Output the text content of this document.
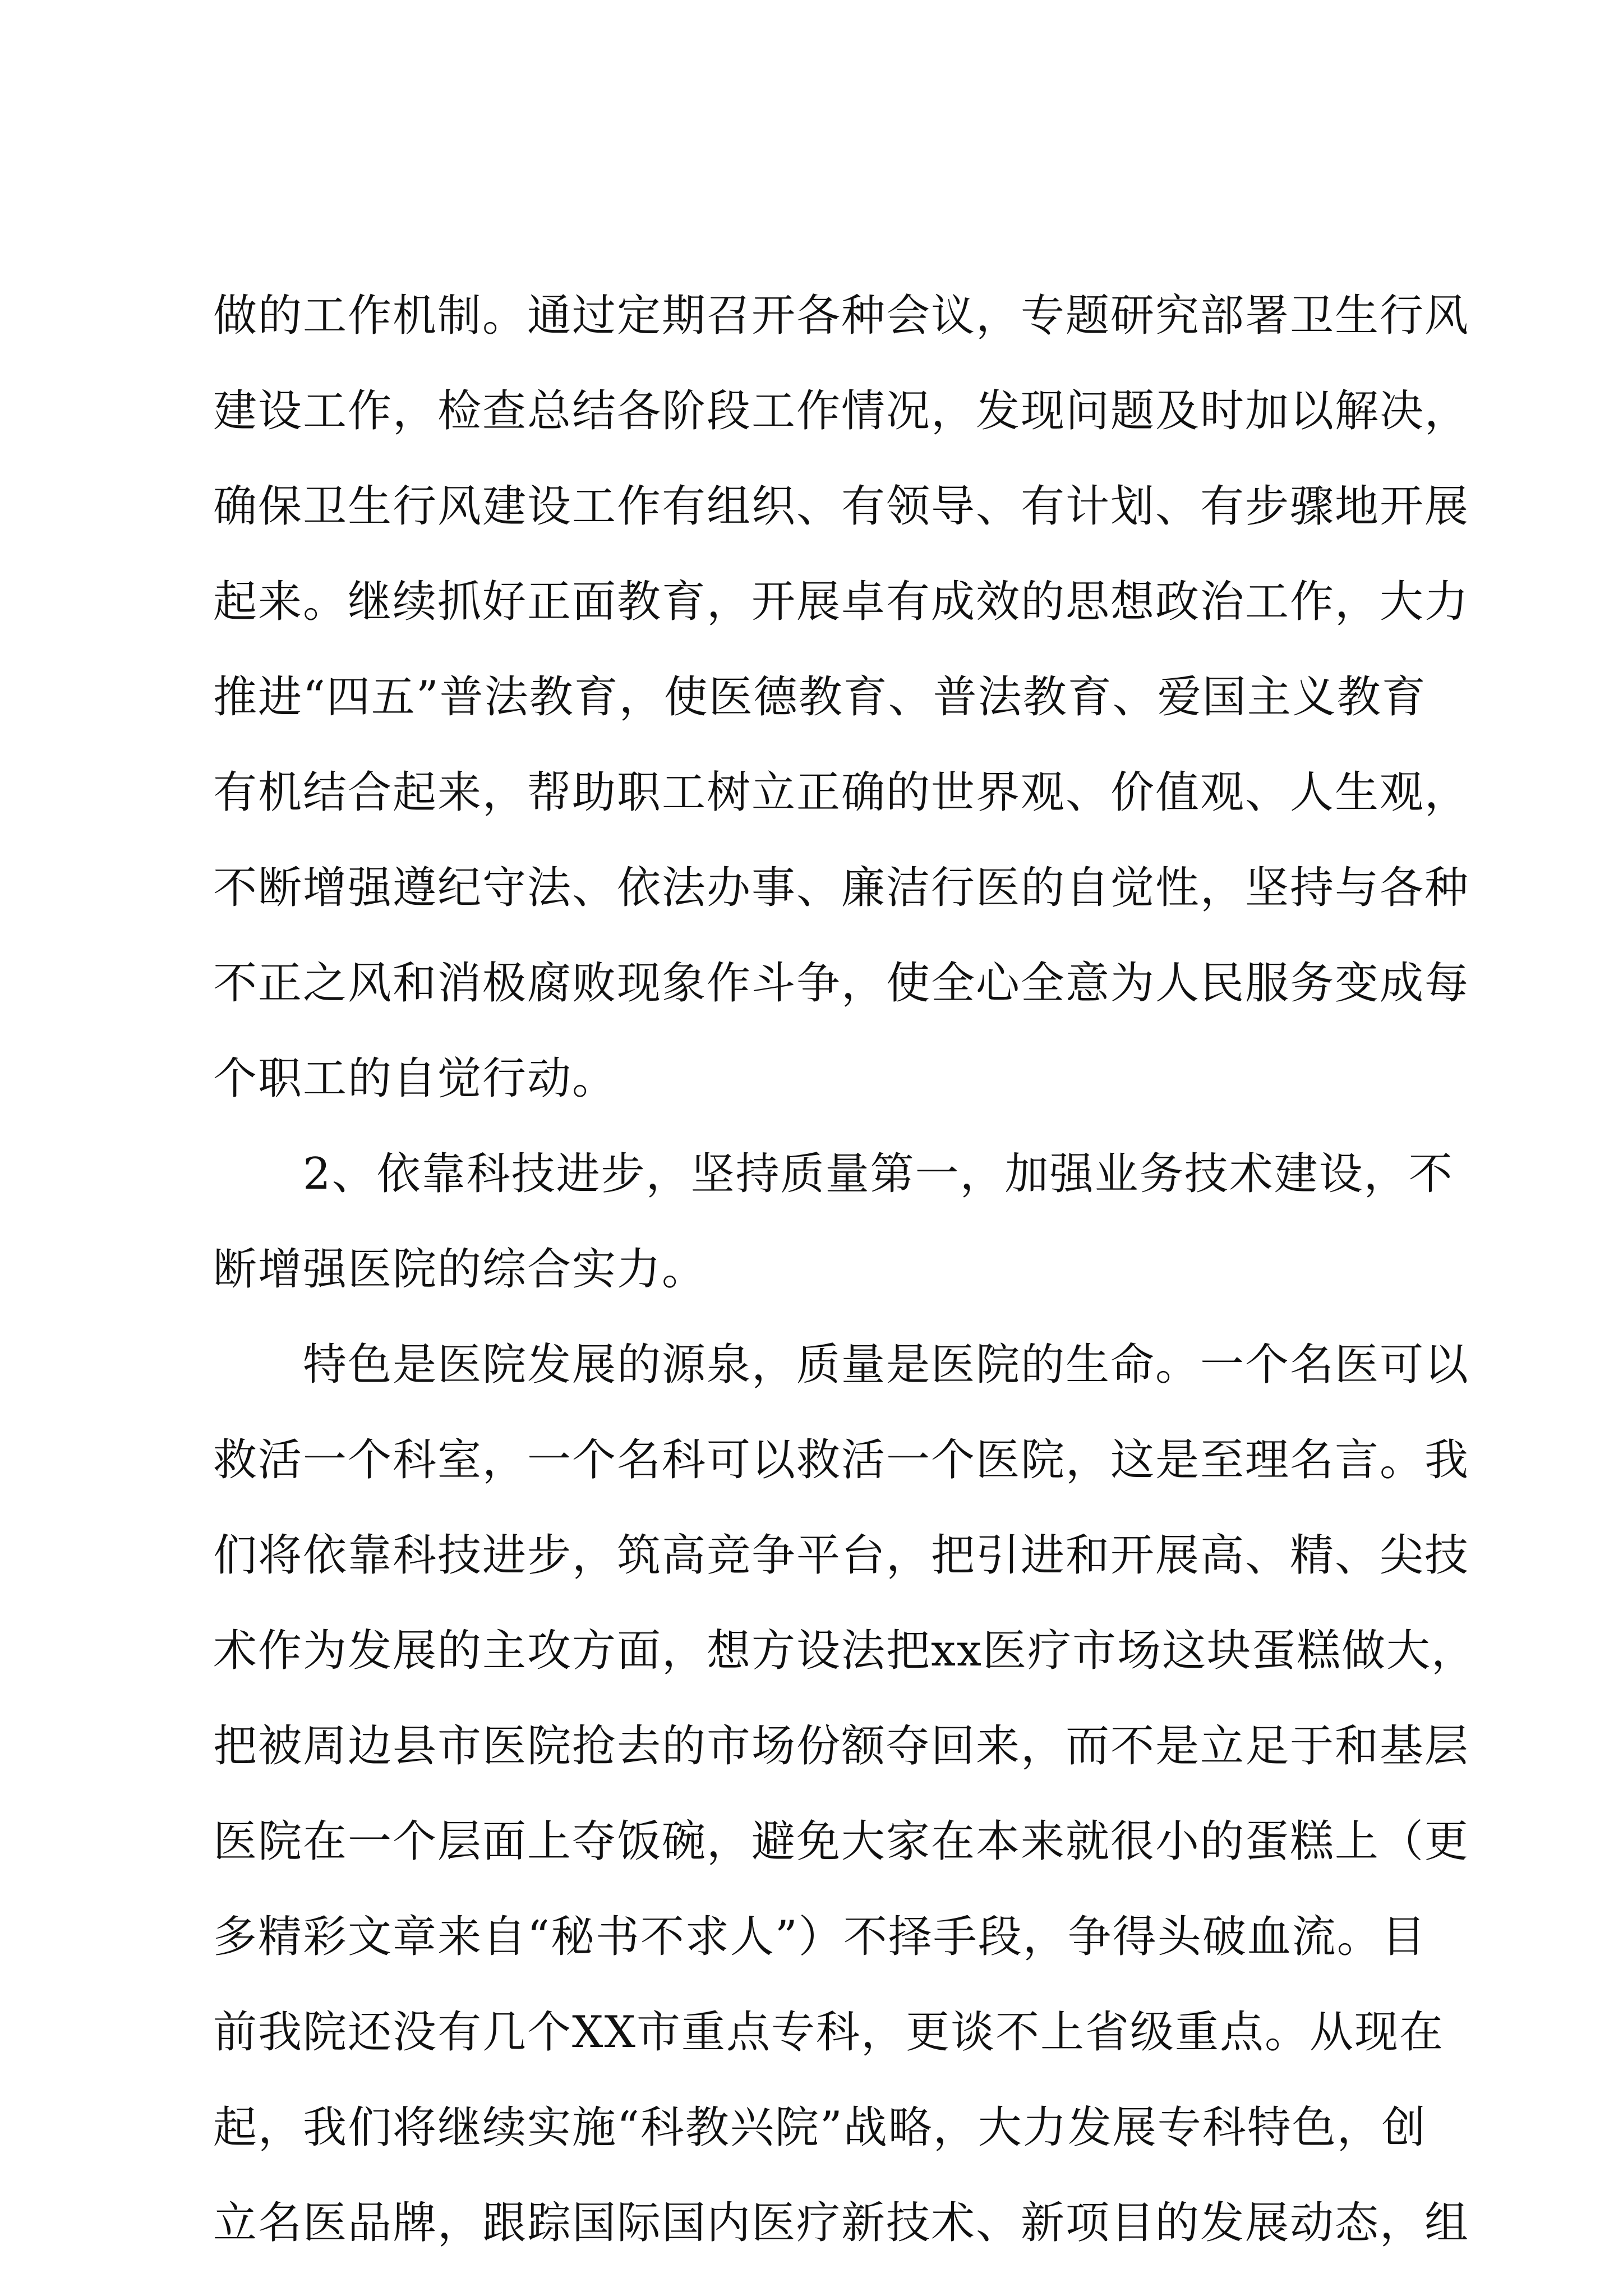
做的工作机制。通过定期召开各种会议，专题研究部署卫生行风
建设工作，检查总结各阶段工作情况，发现问题及时加以解决，
确保卫生行风建设工作有组织、有领导、有计划、有步骤地开展
起来。继续抓好正面教育，开展卓有成效的思想政治工作，大力
推进“四五”普法教育，使医德教育、普法教育、爱国主义教育
有机结合起来，帮助职工树立正确的世界观、价值观、人生观，
不断增强遵纪守法、依法办事、廉洁行医的自觉性，坚持与各种
不正之风和消极腐败现象作斗争，使全心全意为人民服务变成每
个职工的自觉行动。
2、依靠科技进步，坚持质量第一，加强业务技术建设，不
断增强医院的综合实力。
特色是医院发展的源泉，质量是医院的生命。一个名医可以
救活一个科室，一个名科可以救活一个医院，这是至理名言。我
们将依靠科技进步，筑高竞争平台，把引进和开展高、精、尖技
术作为发展的主攻方面，想方设法把xx医疗市场这块蛋糕做大，
把被周边县市医院抢去的市场份额夺回来，而不是立足于和基层
医院在一个层面上夺饭碗，避免大家在本来就很小的蛋糕上（更
多精彩文章来自“秘书不求人”）不择手段，争得头破血流。目
前我院还没有几个XX市重点专科，更谈不上省级重点。从现在
起，我们将继续实施“科教兴院”战略，大力发展专科特色，创
立名医品牌，跟踪国际国内医疗新技术、新项目的发展动态，组
